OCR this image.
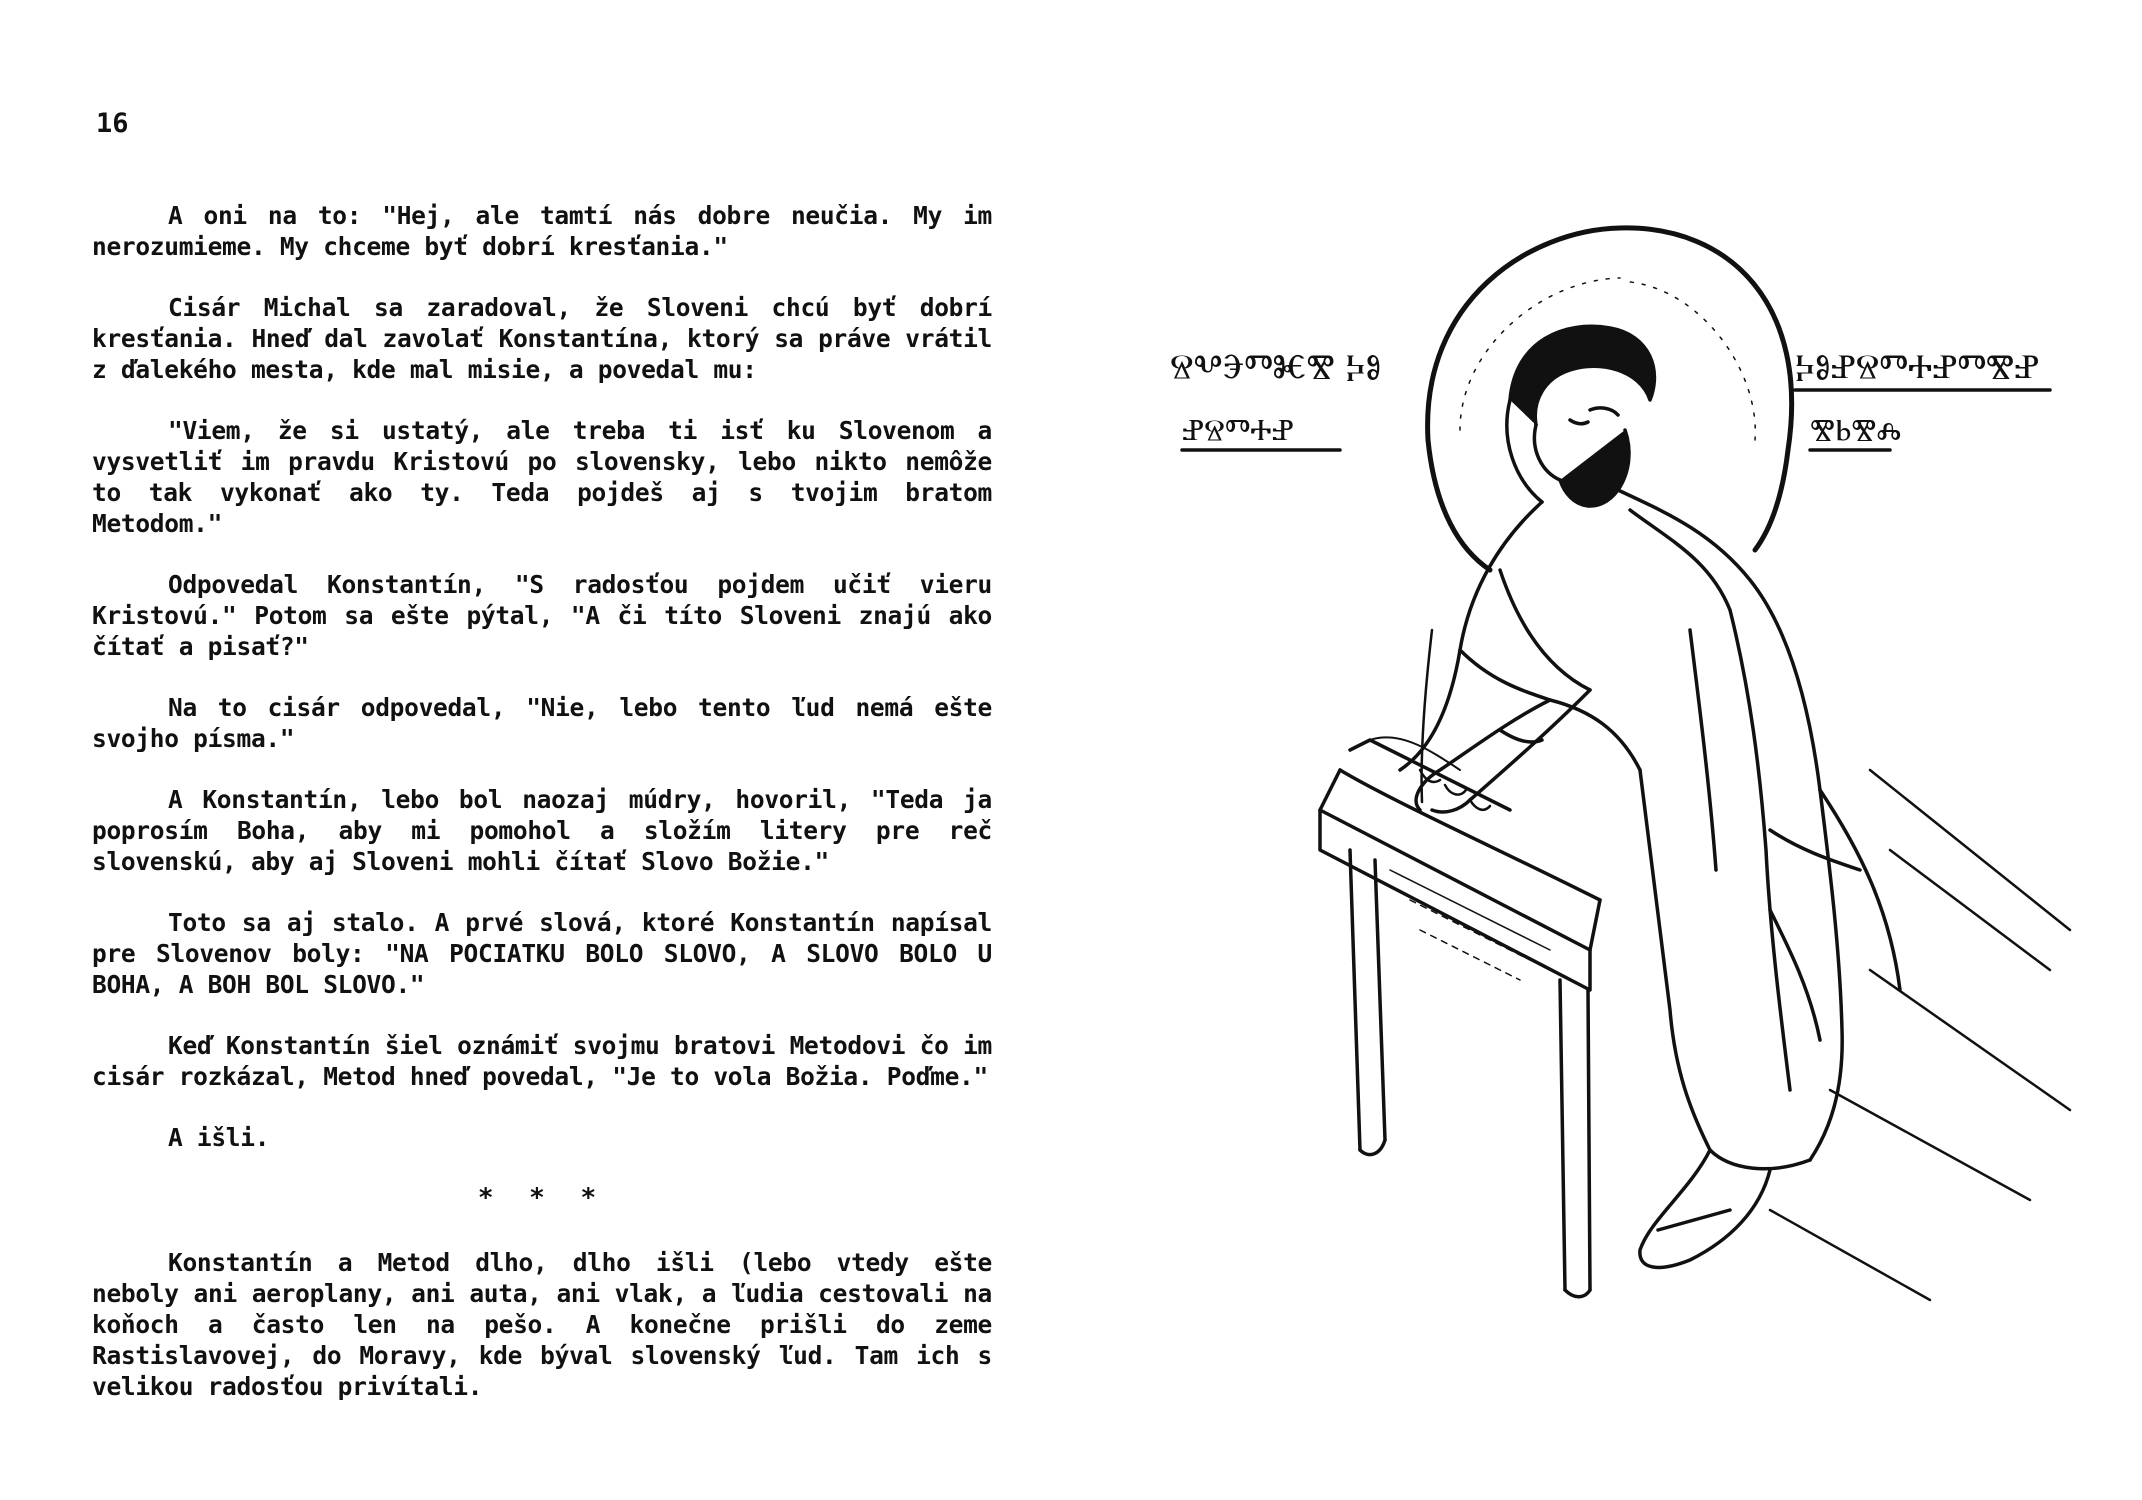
16

A oni na to: "Hej, ale tamtí nás dobre neučia. My im nerozumieme. My chceme byť dobrí kresťania."

Cisár Michal sa zaradoval, že Sloveni chcú byť dobrí kresťania. Hneď dal zavolať Konstantína, ktorý sa práve vrátil z ďalekého mesta, kde mal misie, a povedal mu:

"Viem, že si ustatý, ale treba ti isť ku Slovenom a vysvetliť im pravdu Kristovú po slovensky, lebo nikto nemôže to tak vykonať ako ty. Teda pojdeš aj s tvojim bratom Metodom."

Odpovedal Konstantín, "S radosťou pojdem učiť vieru Kristovú." Potom sa ešte pýtal, "A či títo Sloveni znajú ako čítať a pisať?"

Na to cisár odpovedal, "Nie, lebo tento ľud nemá ešte svojho písma."

A Konstantín, lebo bol naozaj múdry, hovoril, "Teda ja poprosím Boha, aby mi pomohol a složím litery pre reč slovenskú, aby aj Sloveni mohli čítať Slovo Božie."

Toto sa aj stalo. A prvé slová, ktoré Konstantín napísal pre Slovenov boly: "NA POCIATKU BOLO SLOVO, A SLOVO BOLO U BOHA, A BOH BOL SLOVO."

Keď Konstantín šiel oznámiť svojmu bratovi Metodovi čo im cisár rozkázal, Metod hneď povedal, "Je to vola Božia. Poďme."

A išli.

* * *

Konstantín a Metod dlho, dlho išli (lebo vtedy ešte neboly ani aeroplany, ani auta, ani vlak, a ľudia cestovali na koňoch a často len na pešo. A konečne prišli do zeme Rastislavovej, do Moravy, kde býval slovenský ľud. Tam ich s velikou radosťou privítali.

ⰔⰂⰅⰕⰨⰊ ⰍⰑ
ⰐⰔⰕⰀⰐ
ⰍⰑⰐⰔⰕⰀⰐⰕⰊⰐ
ⰊⰓⰊⰎ
